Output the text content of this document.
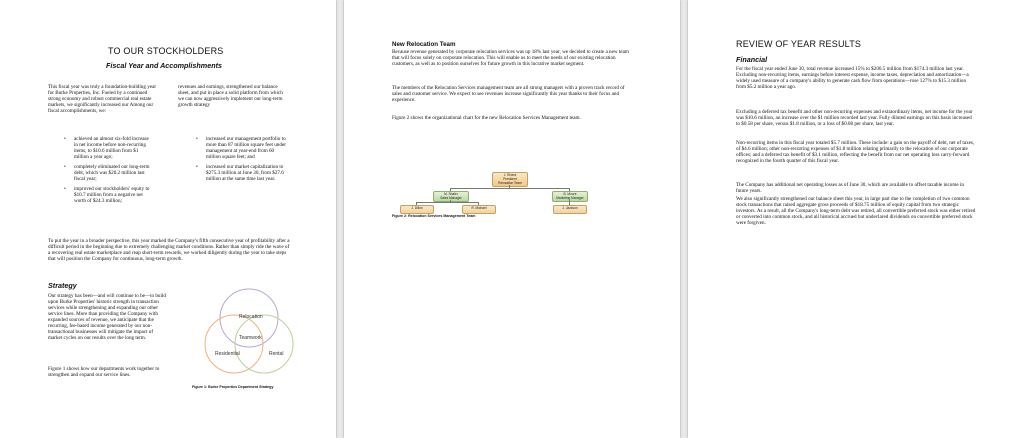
TO OUR STOCKHOLDERS
Fiscal Year and Accomplishments

This fiscal year was truly a foundation-building year for Burke Properties, Inc. Fueled by a continued strong economy and robust commercial real estate markets, we significantly increased our Among our fiscal accomplishments, we:

revenues and earnings, strengthened our balance sheet, and put in place a solid platform from which we can now aggressively implement our long-term growth strategy

• achieved an almost six-fold increase in net income before non-recurring items, to $10.6 million from $1 million a year ago;
• completely eliminated our long-term debt, which was $20.2 million last fiscal year;
• improved our stockholders' equity to $10.7 million from a negative net worth of $24.3 million;
• increased our management portfolio to more than 87 million square feet under management at year-end from 60 million square feet; and
• increased our market capitalization to $275.3 million at June 30, from $27.6 million at the same time last year.

To put the year in a broader perspective, this year marked the Company's fifth consecutive year of profitability after a difficult period in the beginning due to extremely challenging market conditions. Rather than simply ride the wave of a recovering real estate marketplace and reap short-term rewards, we worked diligently during the year to take steps that will position the Company for continuous, long-term growth.

Strategy

Our strategy has been—and will continue to be—to build upon Burke Properties' historic strength in transaction services while strengthening and expanding our other service lines. More than providing the Company with expanded sources of revenue, we anticipate that the recurring, fee-based income generated by our non-transactional businesses will mitigate the impact of market cycles on our results over the long term.

Figure 1 shows how our departments work together to strengthen and expand our service lines.

Relocation
Teamwork
Residential	Rental
Figure 1: Burke Properties Department Strategy
New Relocation Team

Because revenue generated by corporate relocation services was up 18% last year, we decided to create a new team that will focus solely on corporate relocation. This will enable us to meet the needs of our existing relocation customers, as well as to position ourselves for future growth in this lucrative market segment.

The members of the Relocation Services management team are all strong managers with a proven track record of sales and customer service. We expect to see revenues increase significantly this year thanks to their focus and experience.

Figure 2 shows the organizational chart for the new Relocation Services Management team.

J. Rivera
President
Relocation Team
M. Shafer
Sales Manager
B. Moore
Marketing Manager
J. Dillon	R. Michael	J. Jackson
Figure 2: Relocation Services Management Team
REVIEW OF YEAR RESULTS
Financial

For the fiscal year ended June 30, total revenue increased 15% to $200.5 million from $174.3 million last year. Excluding non-recurring items, earnings before interest expense, income taxes, depreciation and amortization—a widely used measure of a company's ability to generate cash flow from operations—rose 127% to $15.3 million from $5.2 million a year ago.

Excluding a deferred tax benefit and other non-recurring expenses and extraordinary items, net income for the year was $10.6 million, an increase over the $1 million recorded last year. Fully diluted earnings on this basis increased to $0.58 per share, versus $1.8 million, or a loss of $0.08 per share, last year.

Non-recurring items in this fiscal year totaled $5.7 million. These include: a gain on the payoff of debt, net of taxes, of $4.6 million; other non-recurring expenses of $1.8 million relating primarily to the relocation of our corporate offices; and a deferred tax benefit of $3.1 million, reflecting the benefit from our net operating loss carry-forward recognized in the fourth quarter of this fiscal year.

The Company has additional net operating losses as of June 30, which are available to offset taxable income in future years.

We also significantly strengthened our balance sheet this year, in large part due to the completion of two common stock transactions that raised aggregate gross proceeds of $18.75 million of equity capital from two strategic investors. As a result, all the Company's long-term debt was retired, all convertible preferred stock was either retired or converted into common stock, and all historical accrued but undeclared dividends on convertible preferred stock were forgiven.
